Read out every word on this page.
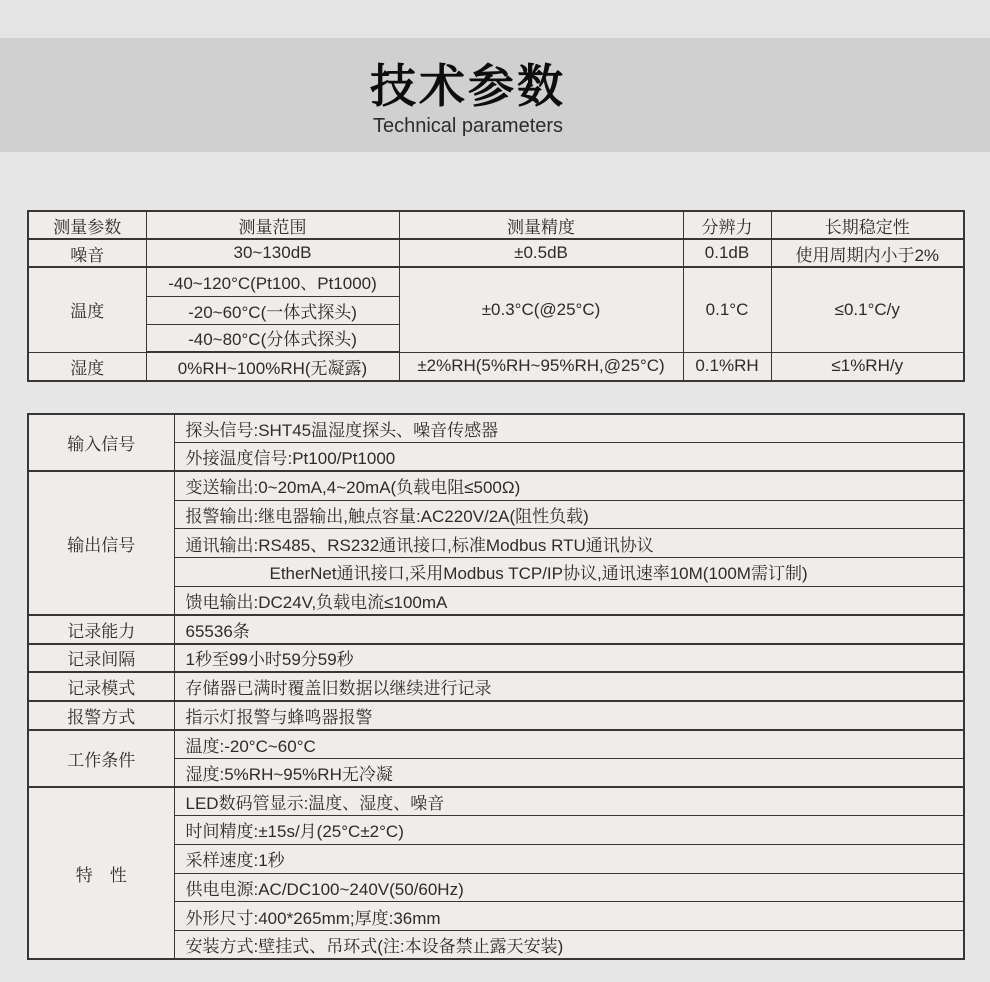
技术参数
Technical parameters
测量参数	测量范围	测量精度	分辨力	长期稳定性
噪音	30~130dB	±0.5dB	0.1dB	使用周期内小于2%
温度	-40~120°C(Pt100、Pt1000)	±0.3°C(@25°C)	0.1°C	≤0.1°C/y
	-20~60°C(一体式探头)			
	-40~80°C(分体式探头)			
湿度	0%RH~100%RH(无凝露)	±2%RH(5%RH~95%RH,@25°C)	0.1%RH	≤1%RH/y
输入信号	探头信号:SHT45温湿度探头、噪音传感器
	外接温度信号:Pt100/Pt1000
输出信号	变送输出:0~20mA,4~20mA(负载电阻≤500Ω)
	报警输出:继电器输出,触点容量:AC220V/2A(阻性负载)
	通讯输出:RS485、RS232通讯接口,标准Modbus RTU通讯协议
	EtherNet通讯接口,采用Modbus TCP/IP协议,通讯速率10M(100M需订制)
	馈电输出:DC24V,负载电流≤100mA
记录能力	65536条
记录间隔	1秒至99小时59分59秒
记录模式	存储器已满时覆盖旧数据以继续进行记录
报警方式	指示灯报警与蜂鸣器报警
工作条件	温度:-20°C~60°C
	湿度:5%RH~95%RH无冷凝
特　性	LED数码管显示:温度、湿度、噪音
	时间精度:±15s/月(25°C±2°C)
	采样速度:1秒
	供电电源:AC/DC100~240V(50/60Hz)
	外形尺寸:400*265mm;厚度:36mm
	安装方式:壁挂式、吊环式(注:本设备禁止露天安装)
